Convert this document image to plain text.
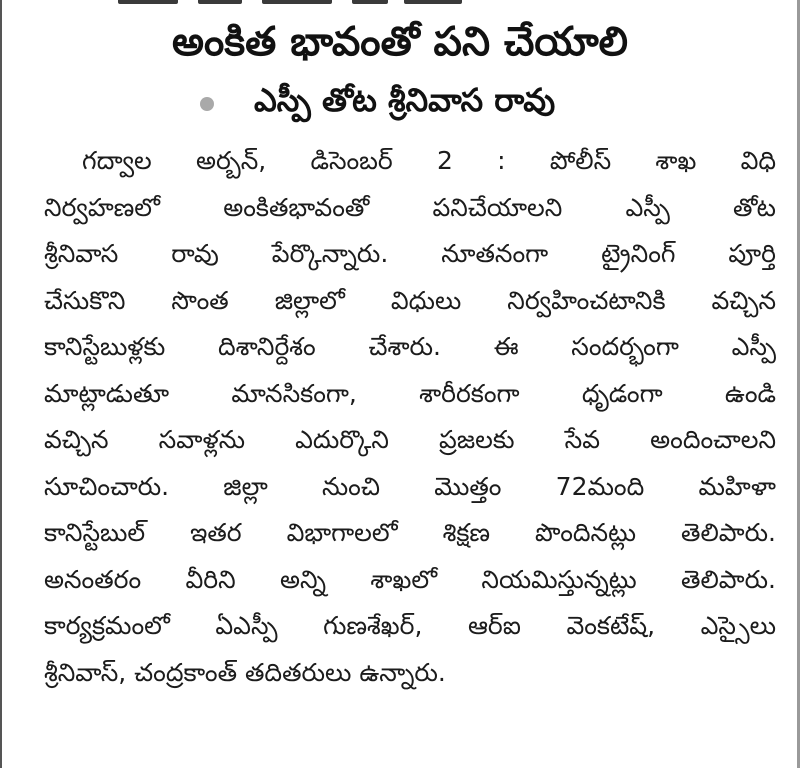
అంకిత భావంతో పని చేయాలి
ఎస్పీ తోట శ్రీనివాస రావు
గద్వాల అర్బన్, డిసెంబర్ 2 : పోలీస్ శాఖ విధి
నిర్వహణలో అంకితభావంతో పనిచేయాలని ఎస్పీ తోట
శ్రీనివాస రావు పేర్కొన్నారు. నూతనంగా ట్రైనింగ్ పూర్తి
చేసుకొని సొంత జిల్లాలో విధులు నిర్వహించటానికి వచ్చిన
కానిస్టేబుళ్లకు దిశానిర్దేశం చేశారు. ఈ సందర్భంగా ఎస్పీ
మాట్లాడుతూ మానసికంగా, శారీరకంగా ధృడంగా ఉండి
వచ్చిన సవాళ్లను ఎదుర్కొని ప్రజలకు సేవ అందించాలని
సూచించారు. జిల్లా నుంచి మొత్తం 72మంది మహిళా
కానిస్టేబుల్ ఇతర విభాగాలలో శిక్షణ పొందినట్లు తెలిపారు.
అనంతరం వీరిని అన్ని శాఖలో నియమిస్తున్నట్లు తెలిపారు.
కార్యక్రమంలో ఏఎస్పీ గుణశేఖర్, ఆర్ఐ వెంకటేష్, ఎస్సైలు
శ్రీనివాస్, చంద్రకాంత్ తదితరులు ఉన్నారు.
